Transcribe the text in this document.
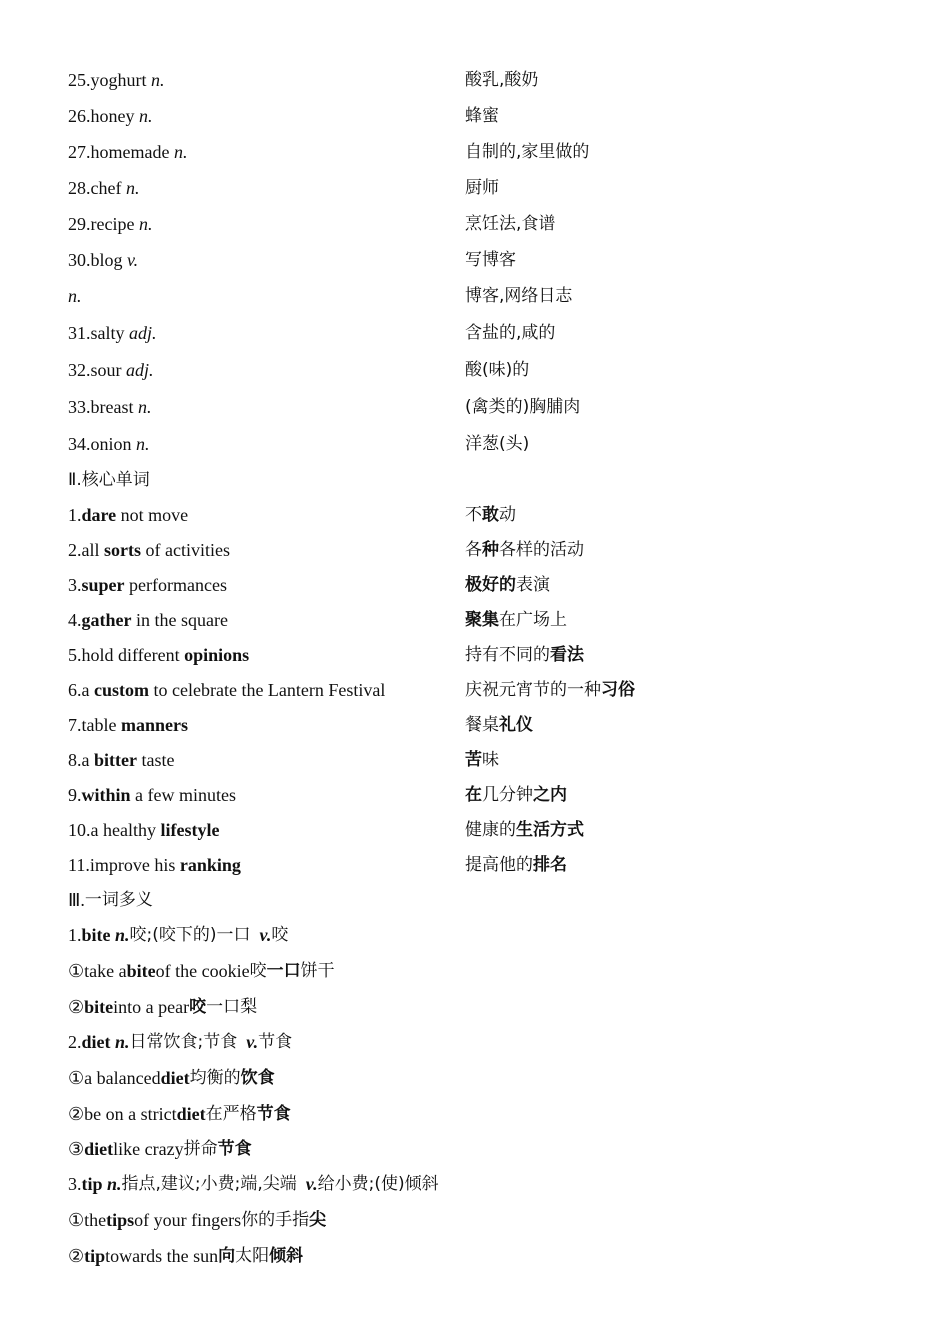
25.yoghurt n.	酸乳,酸奶
26.honey n.	蜂蜜
27.homemade n.	自制的,家里做的
28.chef n.	厨师
29.recipe n.	烹饪法,食谱
30.blog v.	写博客
n.	博客,网络日志
31.salty adj.	含盐的,咸的
32.sour adj.	酸(味)的
33.breast n.	(禽类的)胸脯肉
34.onion n.	洋葱(头)
Ⅱ.核心单词
1.dare not move	不敢动
2.all sorts of activities	各种各样的活动
3.super performances	极好的表演
4.gather in the square	聚集在广场上
5.hold different opinions	持有不同的看法
6.a custom to celebrate the Lantern Festival	庆祝元宵节的一种习俗
7.table manners	餐桌礼仪
8.a bitter taste	苦味
9.within a few minutes	在几分钟之内
10.a healthy lifestyle	健康的生活方式
11.improve his ranking	提高他的排名
Ⅲ. 一词多义
1. bite
n. 咬;(咬下的)一口
v. 咬
① take a bite of the cookie 咬 一口 饼干
② bite into a pear 咬 一口梨
2. diet
n. 日常饮食;节食
v. 节食
① a balanced diet 均衡的 饮食
② be on a strict diet 在严格 节食
③ diet like crazy 拼命 节食
3. tip
n. 指点,建议;小费;端,尖端
v. 给小费;(使)倾斜
① the tips of your fingers 你的手指 尖
② tip towards the sun 向 太阳 倾斜
